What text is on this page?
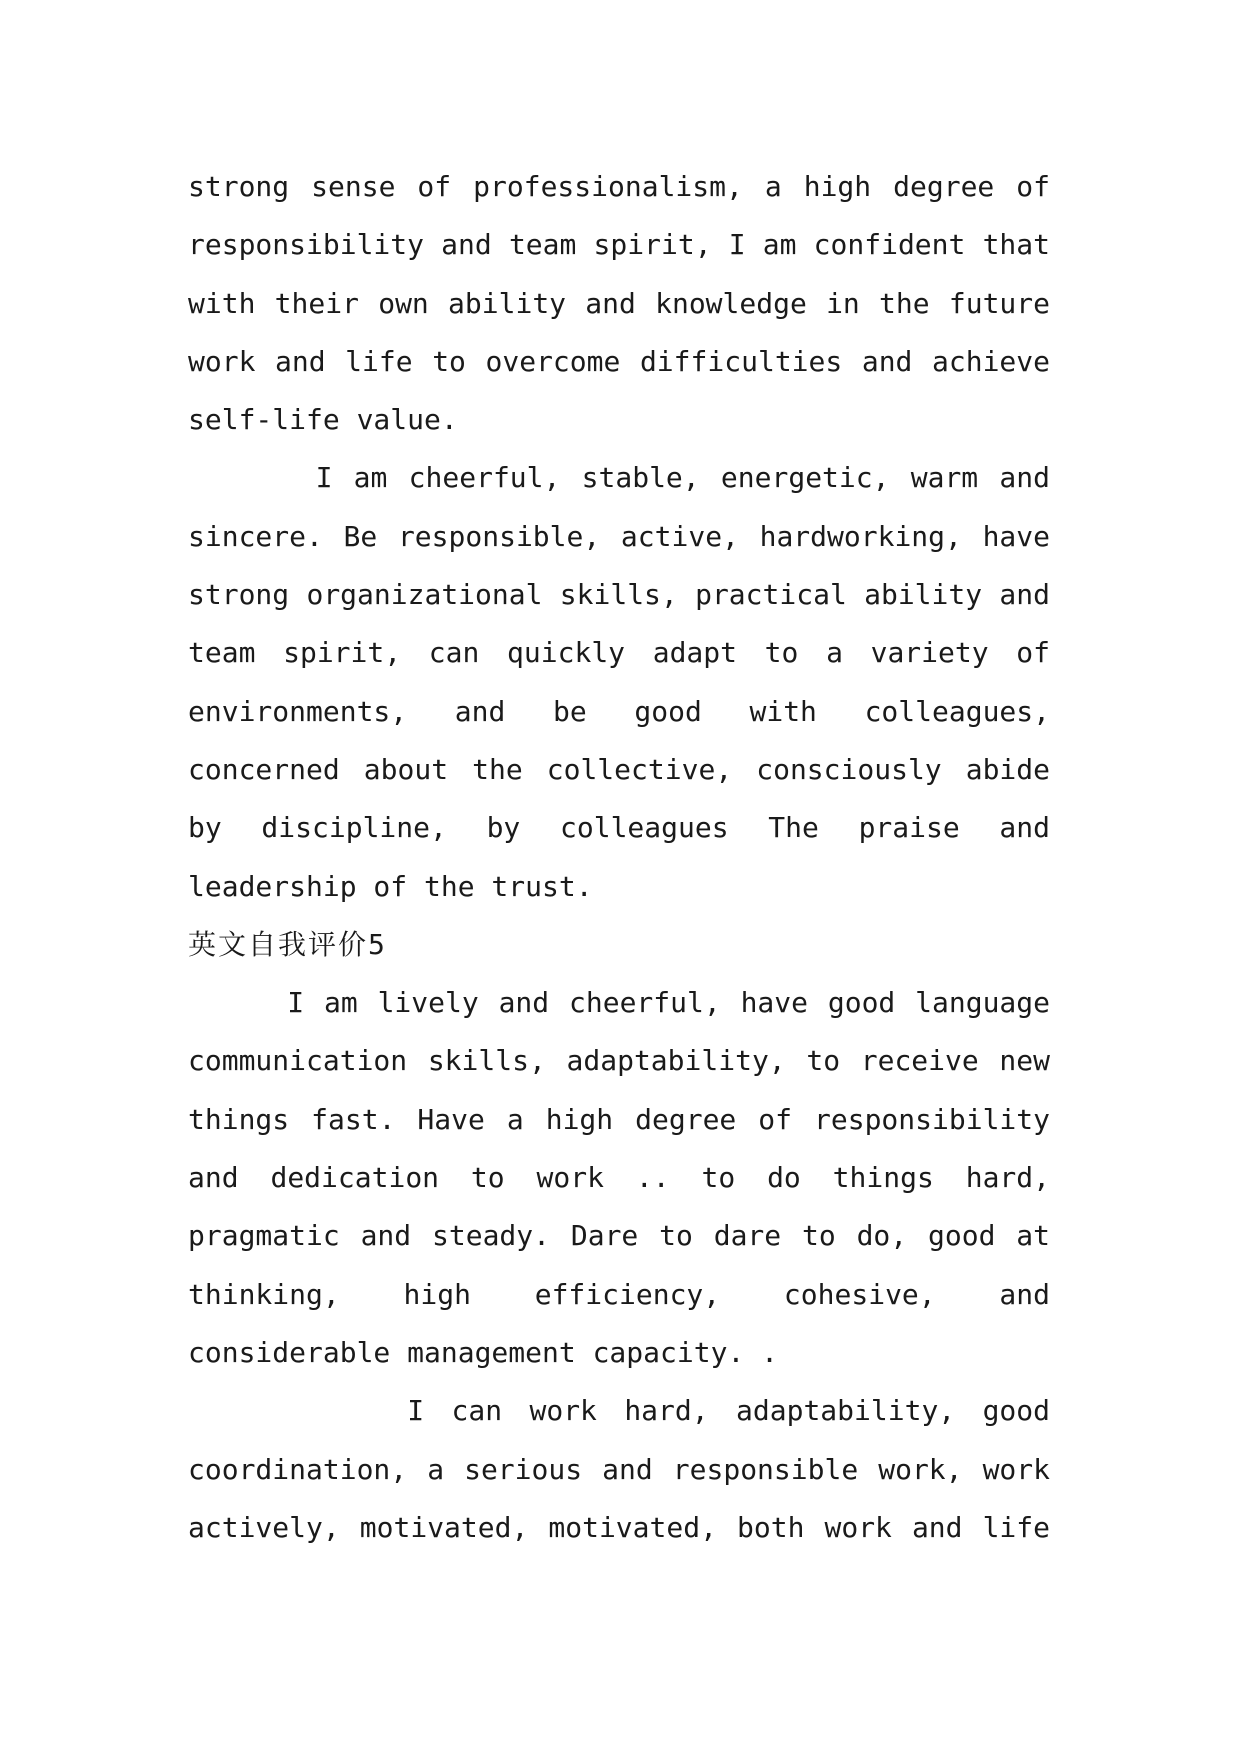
strong sense of professionalism, a high degree of
responsibility and team spirit, I am confident that
with their own ability and knowledge in the future
work and life to overcome difficulties and achieve
self-life value.
I am cheerful, stable, energetic, warm and
sincere. Be responsible, active, hardworking, have
strong organizational skills, practical ability and
team spirit, can quickly adapt to a variety of
environments, and be good with colleagues,
concerned about the collective, consciously abide
by discipline, by colleagues The praise and
leadership of the trust.
英文自我评价5
I am lively and cheerful, have good language
communication skills, adaptability, to receive new
things fast. Have a high degree of responsibility
and dedication to work .. to do things hard,
pragmatic and steady. Dare to dare to do, good at
thinking, high efficiency, cohesive, and
considerable management capacity. .
I can work hard, adaptability, good
coordination, a serious and responsible work, work
actively, motivated, motivated, both work and life
